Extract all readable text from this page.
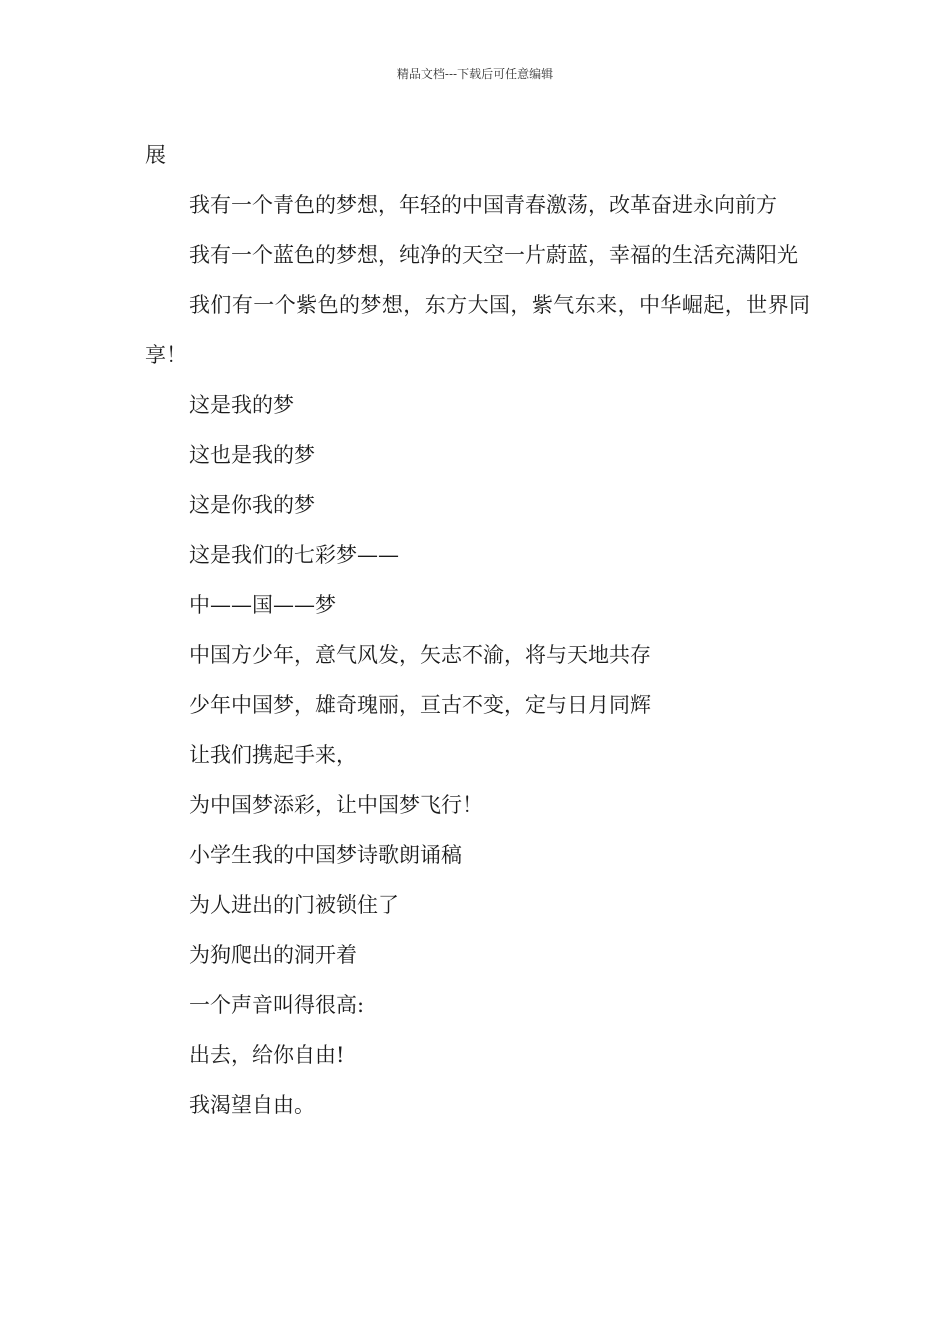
精品文档---下载后可任意编辑

展

我有一个青色的梦想，年轻的中国青春激荡，改革奋进永向前方

我有一个蓝色的梦想，纯净的天空一片蔚蓝，幸福的生活充满阳光

我们有一个紫色的梦想，东方大国，紫气东来，中华崛起，世界同享！

这是我的梦

这也是我的梦

这是你我的梦

这是我们的七彩梦——

中——国——梦

中国方少年，意气风发，矢志不渝，将与天地共存

少年中国梦，雄奇瑰丽，亘古不变，定与日月同辉

让我们携起手来，

为中国梦添彩，让中国梦飞行！

小学生我的中国梦诗歌朗诵稿

为人进出的门被锁住了

为狗爬出的洞开着

一个声音叫得很高:

出去，给你自由!

我渴望自由。
